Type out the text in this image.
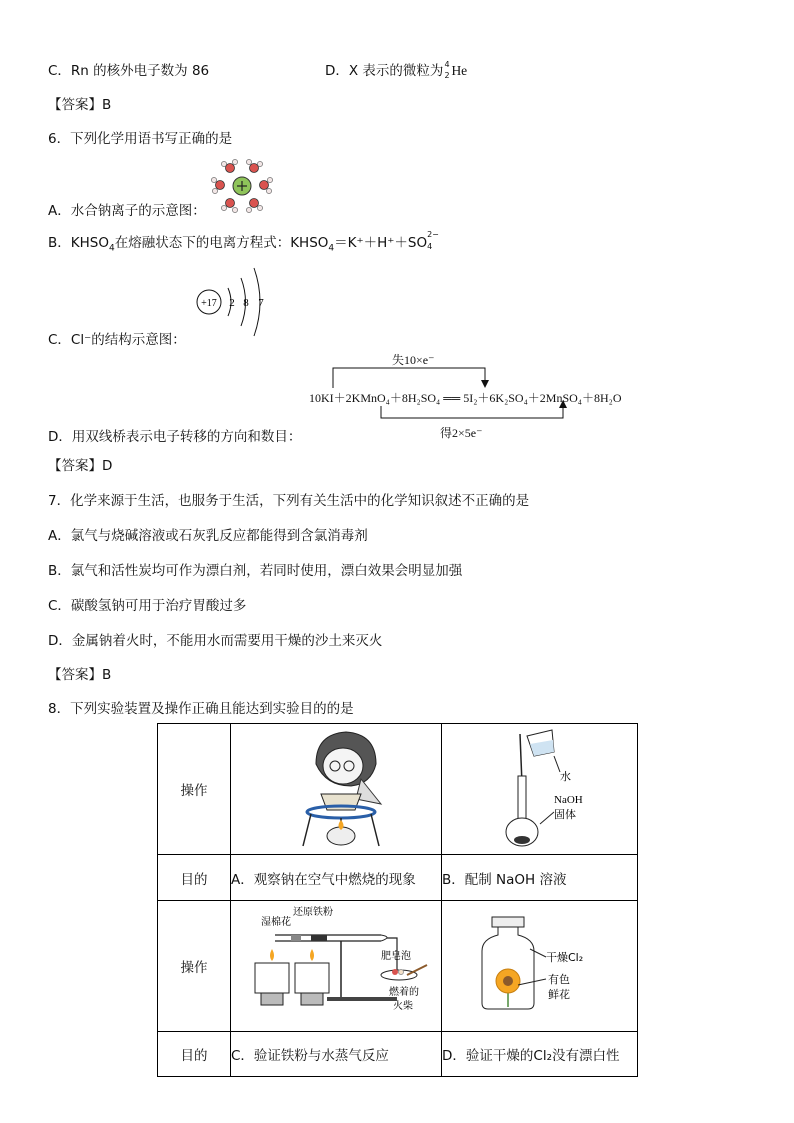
C．Rn 的核外电子数为 86	D．X 表示的微粒为 4
2 He
【答案】B
6．下列化学用语书写正确的是
A．水合钠离子的示意图：
B．$KHSO_4$在熔融状态下的电离方程式：$KHSO_4=K^++H^++SO$
2−
4
+17 2 8 7
C．Cl⁻的结构示意图：
失10×e⁻
10KI＋2KMnO₄＋8H₂SO₄ ══ 5I₂＋6K₂SO₄＋2MnSO₄＋8H₂O
得2×5e⁻
D．用双线桥表示电子转移的方向和数目：
【答案】D
7．化学来源于生活，也服务于生活，下列有关生活中的化学知识叙述不正确的是
A．氯气与烧碱溶液或石灰乳反应都能得到含氯消毒剂
B．氯气和活性炭均可作为漂白剂，若同时使用，漂白效果会明显加强
C．碳酸氢钠可用于治疗胃酸过多
D．金属钠着火时，不能用水而需要用干燥的沙土来灭火
【答案】B
8．下列实验装置及操作正确且能达到实验目的的是
操作		水
NaOH
固体

目的	A．观察钠在空气中燃烧的现象	B．配制 NaOH 溶液
操作	湿棉花
还原铁粉
肥皂泡
燃着的
火柴	干燥Cl₂
有色
鲜花

目的	C．验证铁粉与水蒸气反应	D．验证干燥的Cl₂没有漂白性
